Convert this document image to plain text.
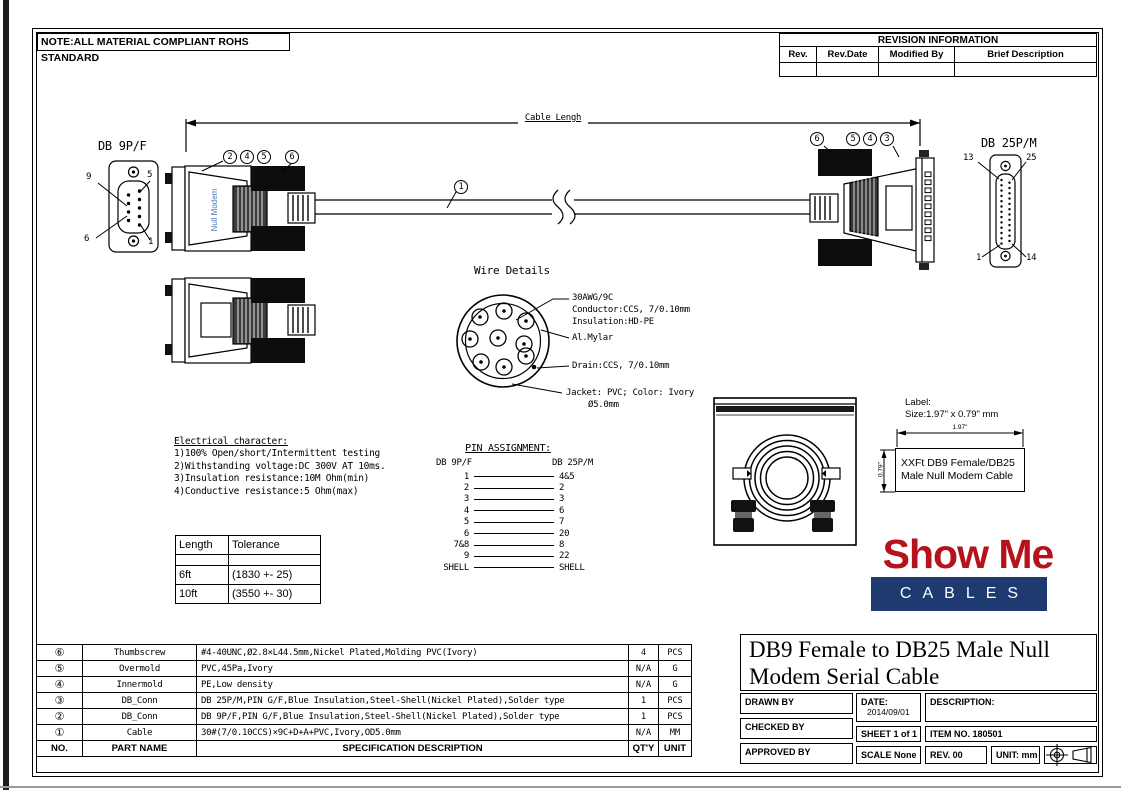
NOTE:ALL MATERIAL COMPLIANT ROHS STANDARD
REVISION INFORMATION
Rev.	Rev.Date	Modified By	Brief Description
Cable Lengh
DB 9P/F
9	5
6	1
DB 25P/M
13	25
1	14
Null Modem
2	4	5	6
1
6	5	4	3
Wire Details
30AWG/9C
Conductor:CCS, 7/0.10mm
Insulation:HD-PE
Al.Mylar
Drain:CCS, 7/0.10mm
Jacket: PVC; Color: Ivory
Ø5.0mm
Electrical character:
1)100% Open/short/Intermittent testing
2)Withstanding voltage:DC 300V AT 10ms.
3)Insulation resistance:10M Ohm(min)
4)Conductive resistance:5 Ohm(max)
Length	Tolerance
6ft	(1830 +- 25)
10ft	(3550 +- 30)
PIN ASSIGNMENT:
DB 9P/F	DB 25P/M
1	4&5
2	2
3	3
4	6
5	7
6	20
7&8	8
9	22
SHELL	SHELL
Label:
Size:1.97" x 0.79" mm
1.97"
0.79" XXFt DB9 Female/DB25
Male Null Modem Cable
Show Me
CABLES
⑥	Thumbscrew	#4-40UNC,Ø2.8×L44.5mm,Nickel Plated,Molding PVC(Ivory)	4	PCS
⑤	Overmold	PVC,45Pa,Ivory	N/A	G
④	Innermold	PE,Low density	N/A	G
③	DB_Conn	DB 25P/M,PIN G/F,Blue Insulation,Steel-Shell(Nickel Plated),Solder type	1	PCS
②	DB_Conn	DB 9P/F,PIN G/F,Blue Insulation,Steel-Shell(Nickel Plated),Solder type	1	PCS
①	Cable	30#(7/0.10CCS)×9C+D+A+PVC,Ivory,OD5.0mm	N/A	MM
NO.	PART NAME	SPECIFICATION DESCRIPTION	QT'Y	UNIT
DB9 Female to DB25 Male Null
Modem Serial Cable
DRAWN BY
CHECKED BY
APPROVED BY
DATE:
2014/09/01
SHEET 1 of 1
SCALE None
DESCRIPTION:
ITEM NO. 180501
REV. 00	UNIT: mm
